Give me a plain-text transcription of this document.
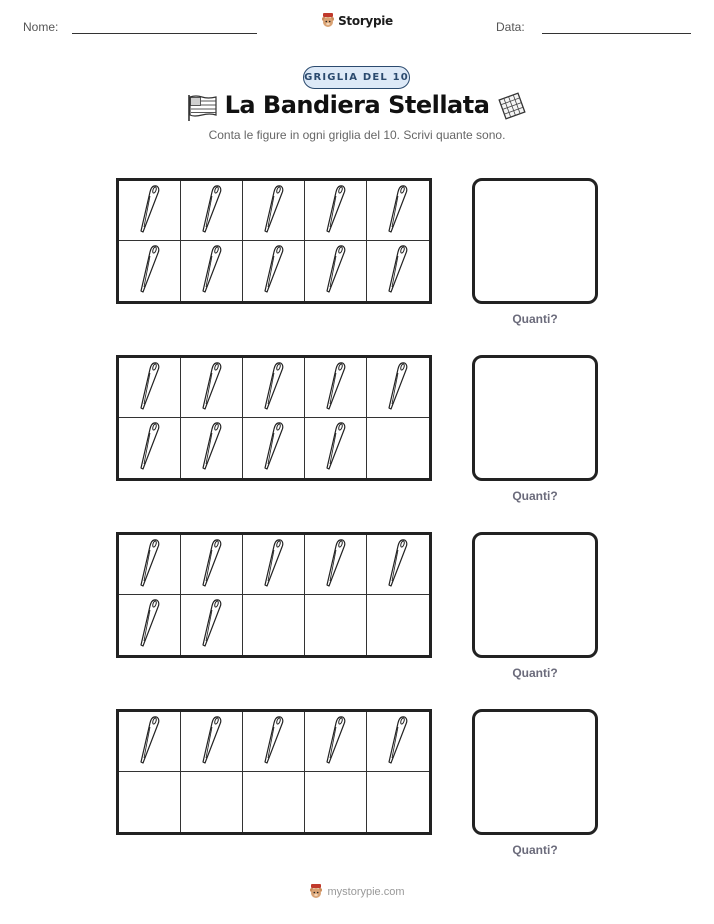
Nome:	Storypie	Data:
GRIGLIA DEL 10
La Bandiera Stellata
Conta le figure in ogni griglia del 10. Scrivi quante sono.
Quanti?
Quanti?
Quanti?
Quanti?
mystorypie.com
